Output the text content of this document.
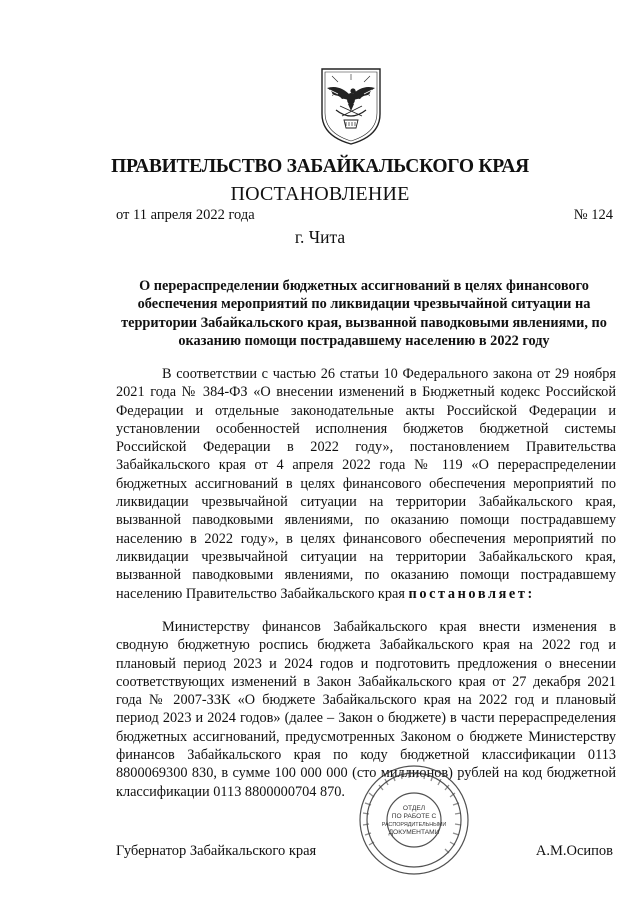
ПРАВИТЕЛЬСТВО ЗАБАЙКАЛЬСКОГО КРАЯ
ПОСТАНОВЛЕНИЕ
от 11 апреля 2022 года	№ 124
г. Чита
О перераспределении бюджетных ассигнований в целях финансового обеспечения мероприятий по ликвидации чрезвычайной ситуации на территории Забайкальского края, вызванной паводковыми явлениями, по оказанию помощи пострадавшему населению в 2022 году

В соответствии с частью 26 статьи 10 Федерального закона от 29 ноября 2021 года № 384-ФЗ «О внесении изменений в Бюджетный кодекс Российской Федерации и отдельные законодательные акты Российской Федерации и установлении особенностей исполнения бюджетов бюджетной системы Российской Федерации в 2022 году», постановлением Правительства Забайкальского края от 4 апреля 2022 года № 119 «О перераспределении бюджетных ассигнований в целях финансового обеспечения мероприятий по ликвидации чрезвычайной ситуации на территории Забайкальского края, вызванной паводковыми явлениями, по оказанию помощи пострадавшему населению в 2022 году», в целях финансового обеспечения мероприятий по ликвидации чрезвычайной ситуации на территории Забайкальского края, вызванной паводковыми явлениями, по оказанию помощи пострадавшему населению Правительство Забайкальского края постановляет:

Министерству финансов Забайкальского края внести изменения в сводную бюджетную роспись бюджета Забайкальского края на 2022 год и плановый период 2023 и 2024 годов и подготовить предложения о внесении соответствующих изменений в Закон Забайкальского края от 27 декабря 2021 года № 2007-ЗЗК «О бюджете Забайкальского края на 2022 год и плановый период 2023 и 2024 годов» (далее – Закон о бюджете) в части перераспределения бюджетных ассигнований, предусмотренных Законом о бюджете Министерству финансов Забайкальского края по коду бюджетной классификации 0113 8800069300 830, в сумме 100 000 000 (сто миллионов) рублей на код бюджетной классификации 0113 8800000704 870.

Губернатор Забайкальского края	А.М.Осипов
ОТДЕЛ
ПО РАБОТЕ С
РАСПОРЯДИТЕЛЬНЫМИ
ДОКУМЕНТАМИ
